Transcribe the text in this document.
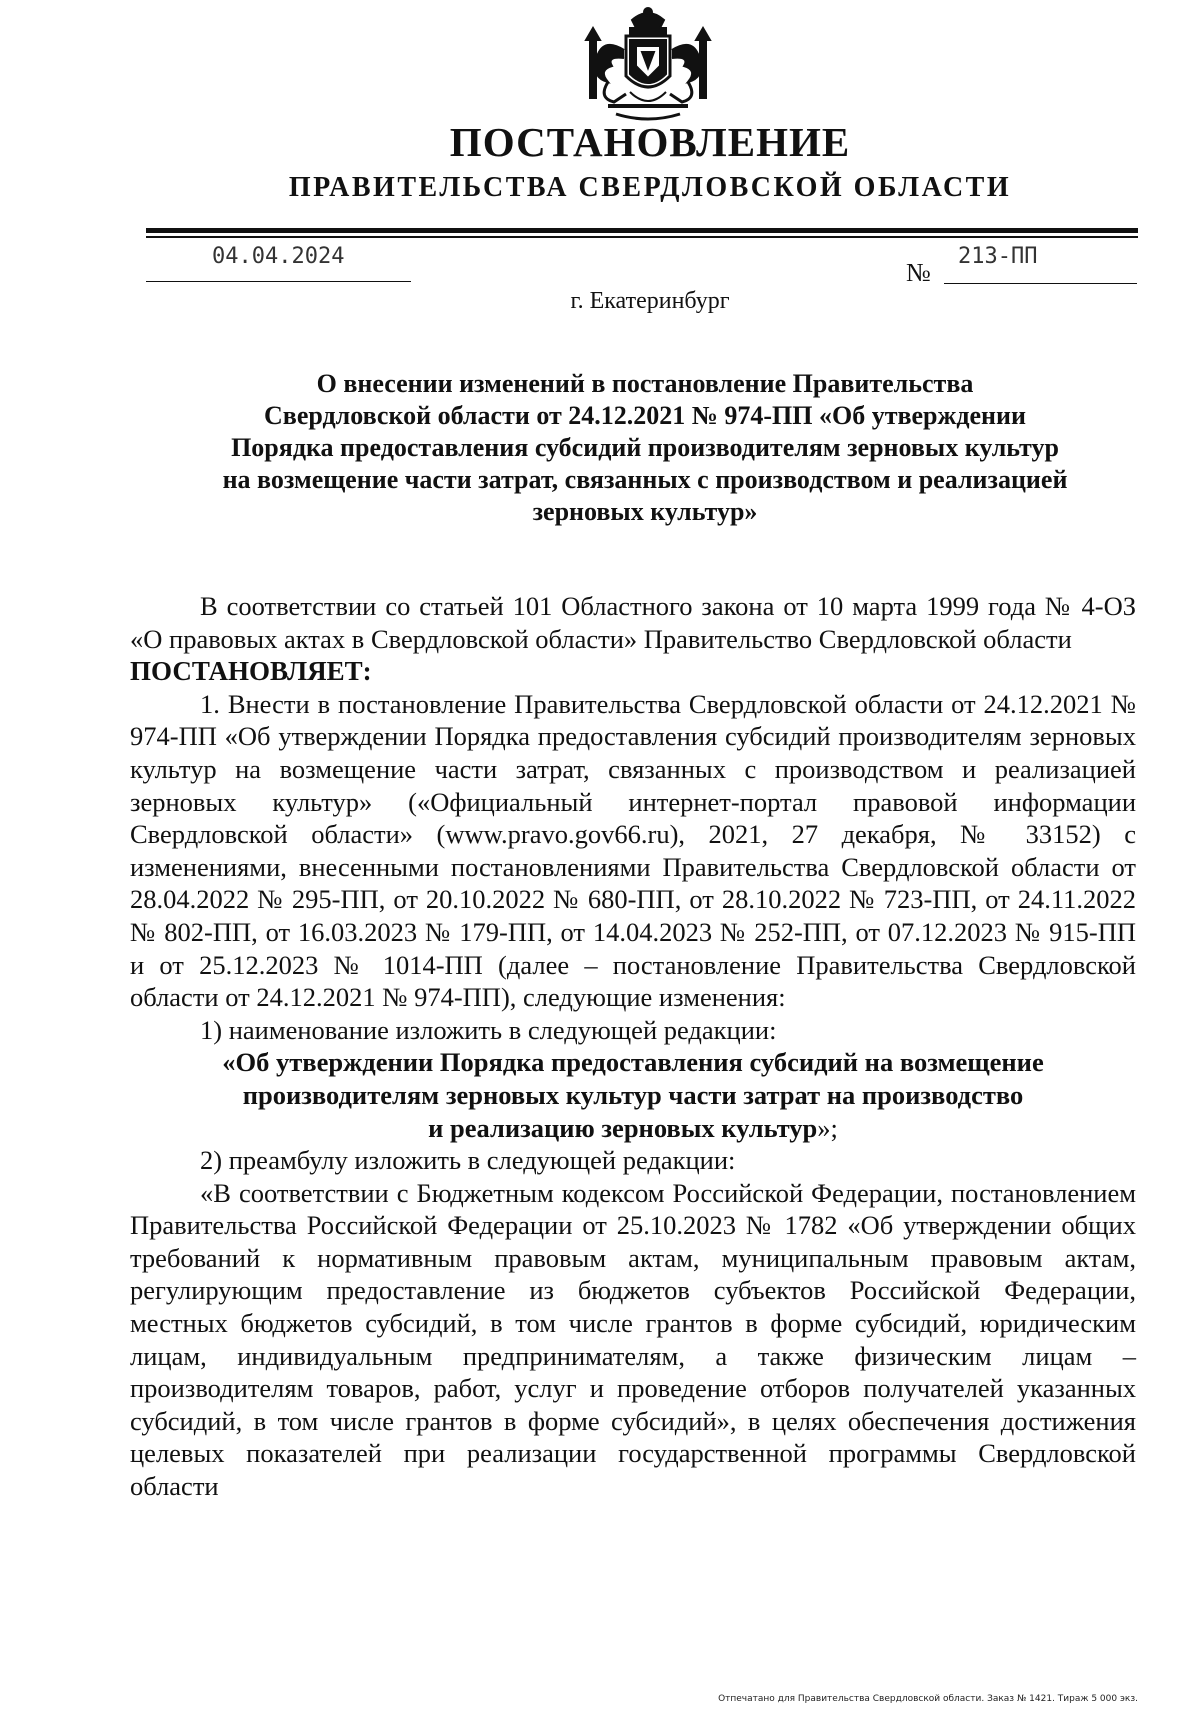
ПОСТАНОВЛЕНИЕ
ПРАВИТЕЛЬСТВА СВЕРДЛОВСКОЙ ОБЛАСТИ
04.04.2024
№
213-ПП
г. Екатеринбург
О внесении изменений в постановление Правительства
Свердловской области от 24.12.2021 № 974-ПП «Об утверждении
Порядка предоставления субсидий производителям зерновых культур
на возмещение части затрат, связанных с производством и реализацией
зерновых культур»

В соответствии со статьей 101 Областного закона от 10 марта 1999 года № 4-ОЗ «О правовых актах в Свердловской области» Правительство Свердловской области

ПОСТАНОВЛЯЕТ:

1. Внести в постановление Правительства Свердловской области от 24.12.2021 № 974-ПП «Об утверждении Порядка предоставления субсидий производителям зерновых культур на возмещение части затрат, связанных с производством и реализацией зерновых культур» («Официальный интернет-портал правовой информации Свердловской области» (www.pravo.gov66.ru), 2021, 27 декабря, № 33152) с изменениями, внесенными постановлениями Правительства Свердловской области от 28.04.2022 № 295-ПП, от 20.10.2022 № 680-ПП, от 28.10.2022 № 723-ПП, от 24.11.2022 № 802-ПП, от 16.03.2023 № 179-ПП, от 14.04.2023 № 252-ПП, от 07.12.2023 № 915-ПП и от 25.12.2023 № 1014-ПП (далее – постановление Правительства Свердловской области от 24.12.2021 № 974-ПП), следующие изменения:

1) наименование изложить в следующей редакции:

«Об утверждении Порядка предоставления субсидий на возмещение
производителям зерновых культур части затрат на производство
и реализацию зерновых культур»;

2) преамбулу изложить в следующей редакции:

«В соответствии с Бюджетным кодексом Российской Федерации, постановлением Правительства Российской Федерации от 25.10.2023 № 1782 «Об утверждении общих требований к нормативным правовым актам, муниципальным правовым актам, регулирующим предоставление из бюджетов субъектов Российской Федерации, местных бюджетов субсидий, в том числе грантов в форме субсидий, юридическим лицам, индивидуальным предпринимателям, а также физическим лицам – производителям товаров, работ, услуг и проведение отборов получателей указанных субсидий, в том числе грантов в форме субсидий», в целях обеспечения достижения целевых показателей при реализации государственной программы Свердловской области

Отпечатано для Правительства Свердловской области. Заказ № 1421. Тираж 5 000 экз.
